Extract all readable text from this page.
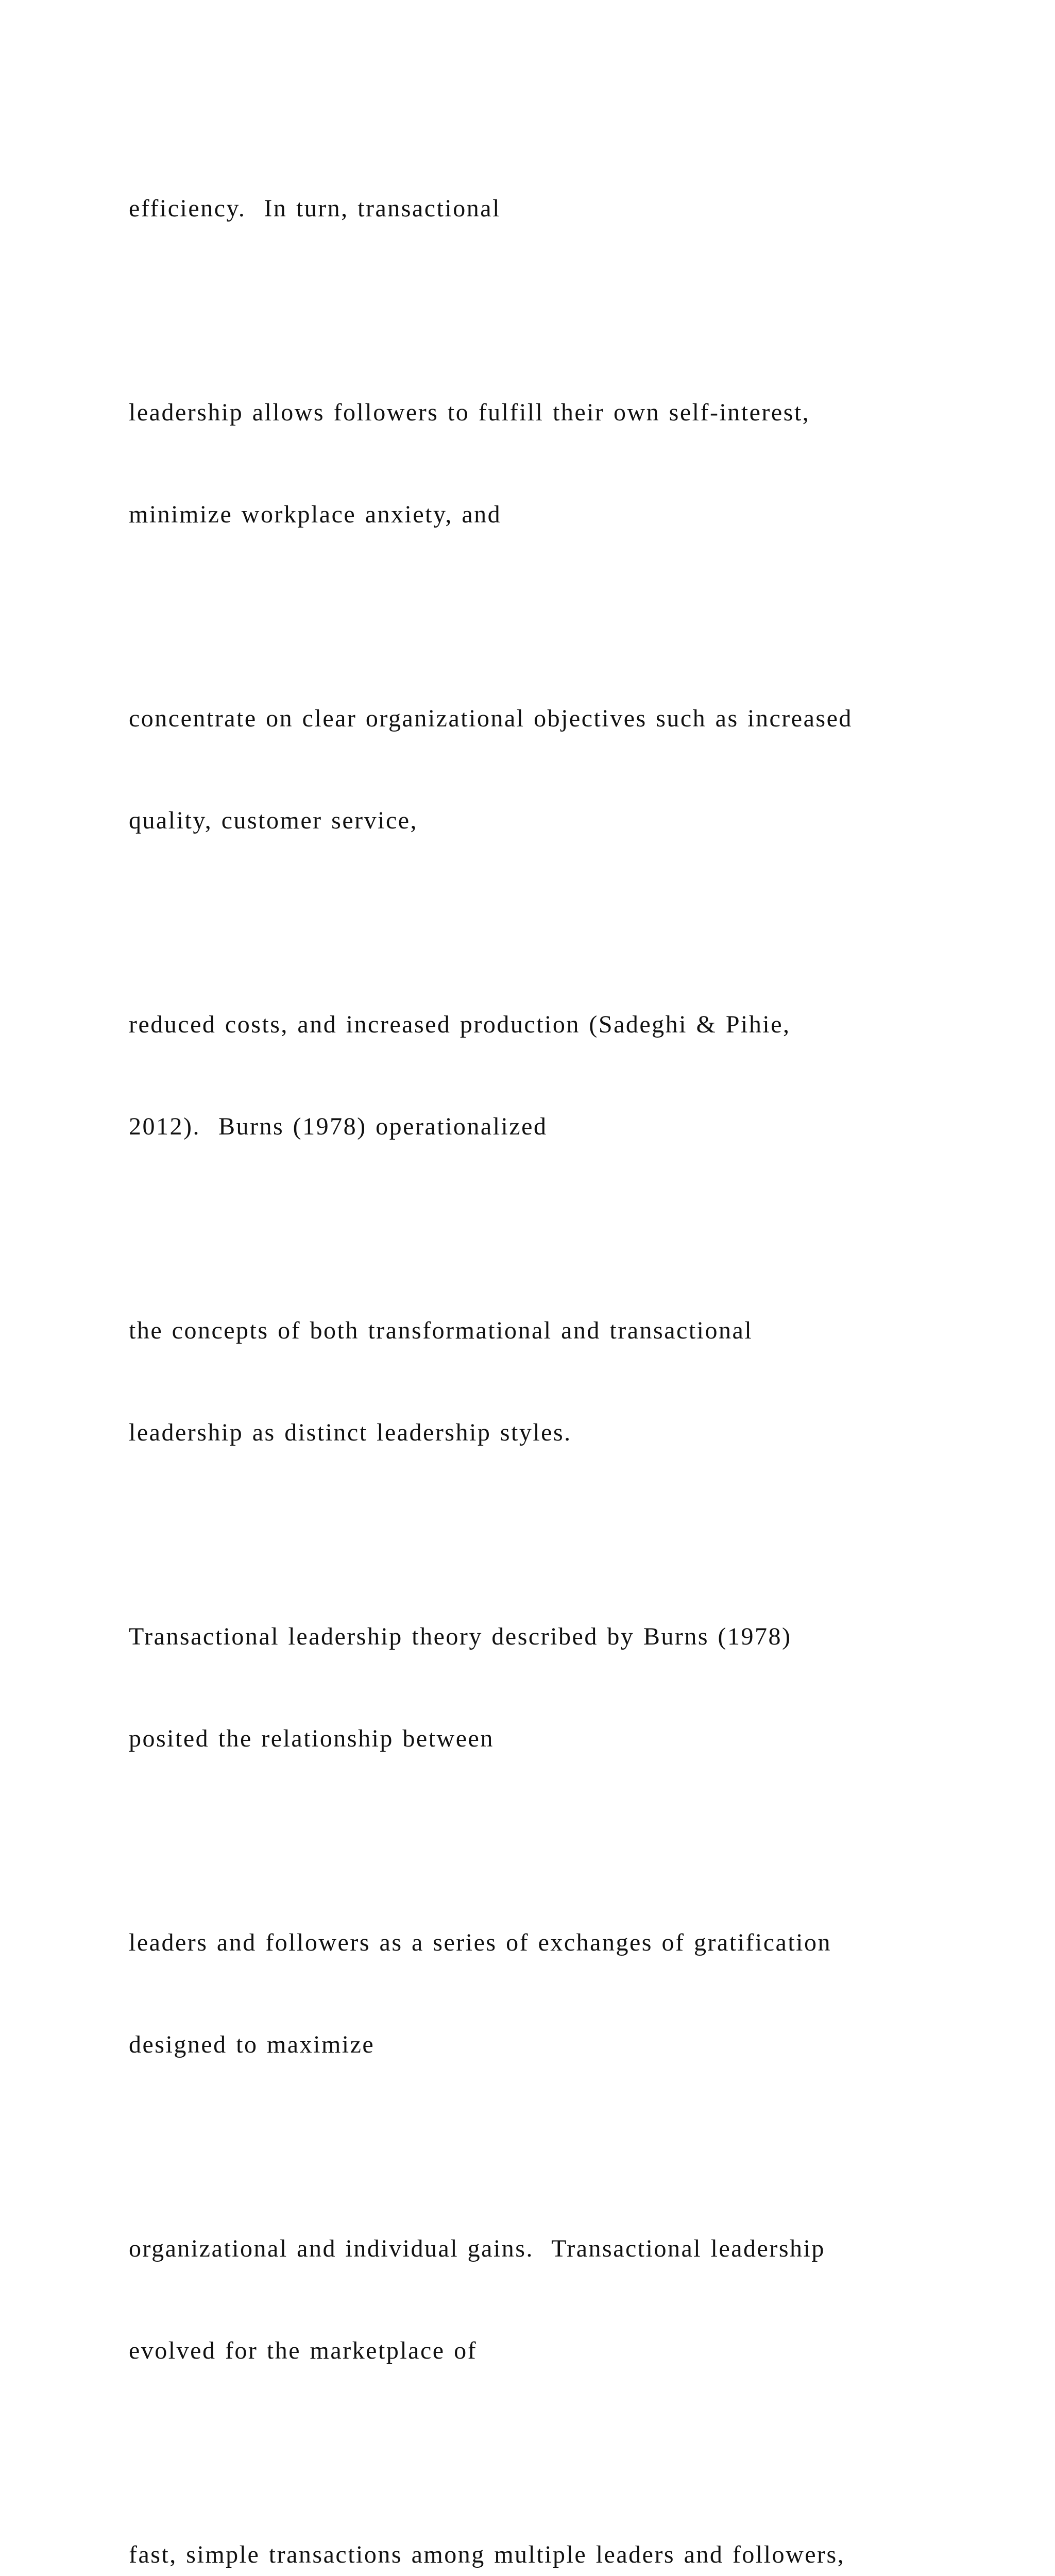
efficiency.  In turn, transactional

leadership allows followers to fulfill their own self-interest,

minimize workplace anxiety, and

concentrate on clear organizational objectives such as increased

quality, customer service,

reduced costs, and increased production (Sadeghi & Pihie,

2012).  Burns (1978) operationalized

the concepts of both transformational and transactional

leadership as distinct leadership styles.

Transactional leadership theory described by Burns (1978)

posited the relationship between

leaders and followers as a series of exchanges of gratification

designed to maximize

organizational and individual gains.  Transactional leadership

evolved for the marketplace of

fast, simple transactions among multiple leaders and followers,
